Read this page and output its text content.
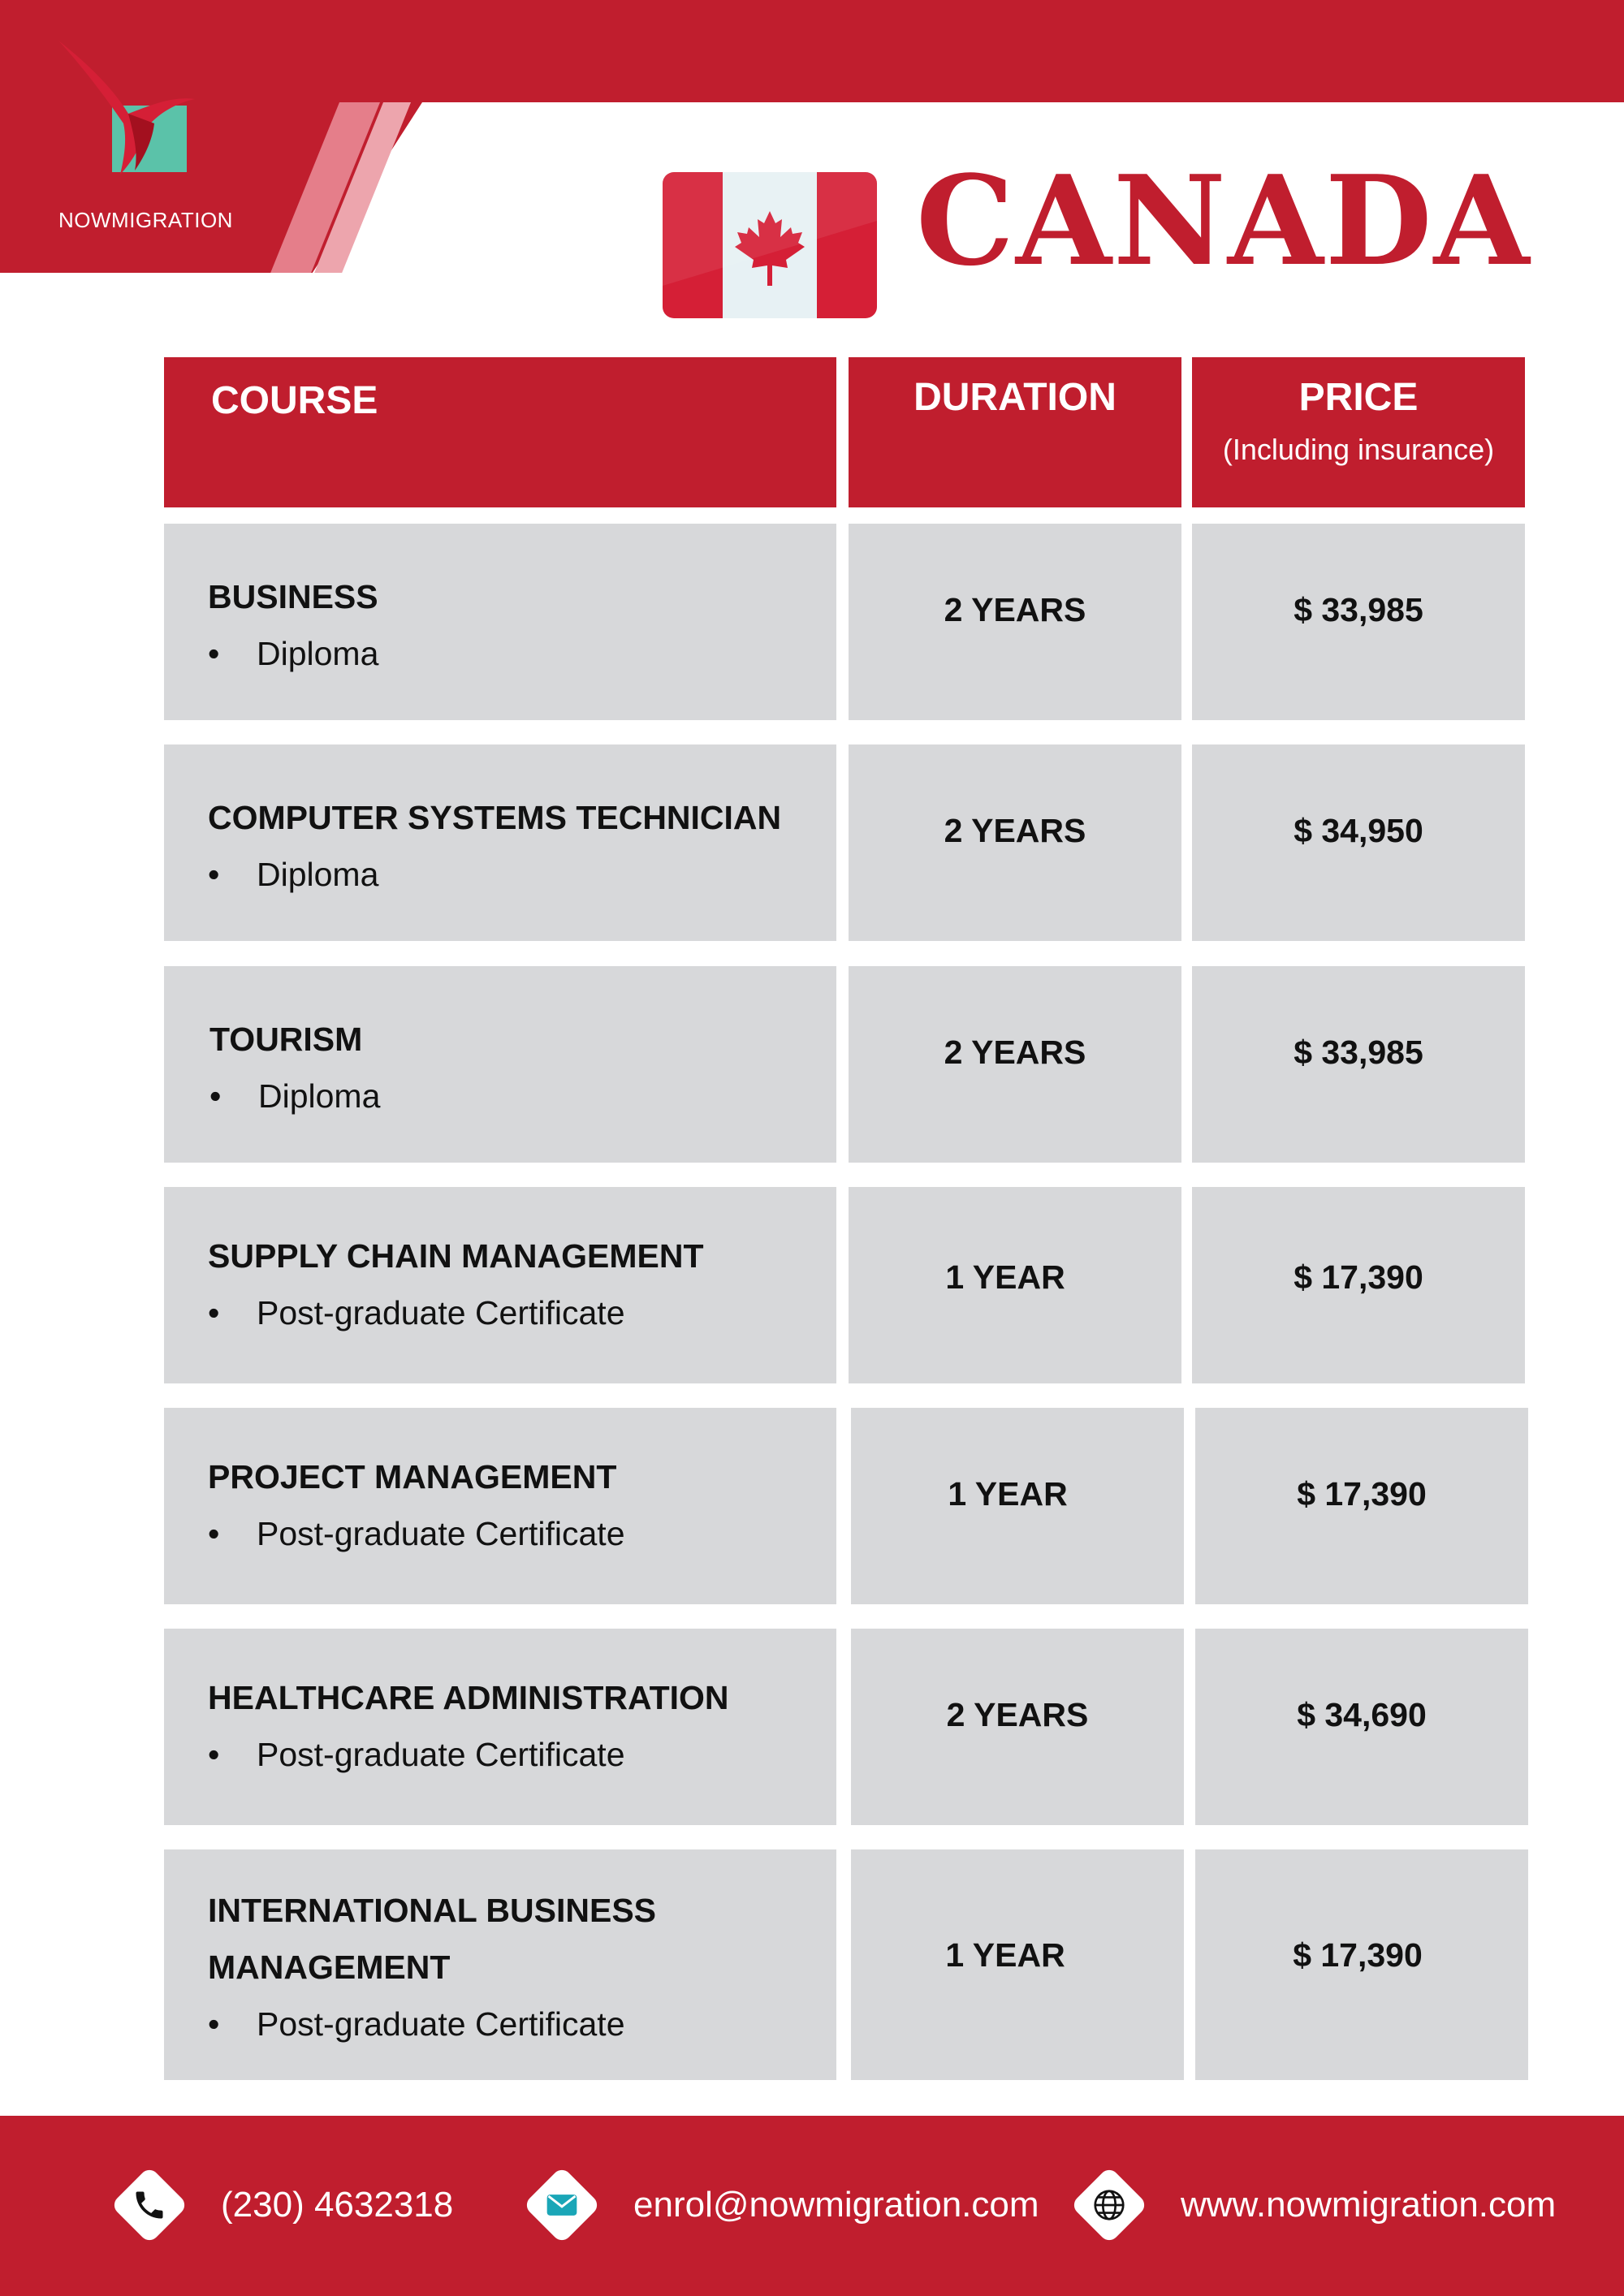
NOWMIGRATION	CANADA
COURSE	DURATION	PRICE
(Including insurance)
BUSINESS
• Diploma
2 YEARS	$ 33,985
COMPUTER SYSTEMS TECHNICIAN
• Diploma
2 YEARS	$ 34,950
TOURISM
• Diploma
2 YEARS	$ 33,985
SUPPLY CHAIN MANAGEMENT
• Post-graduate Certificate
1 YEAR	$ 17,390
PROJECT MANAGEMENT
• Post-graduate Certificate
1 YEAR	$ 17,390
HEALTHCARE ADMINISTRATION
• Post-graduate Certificate
2 YEARS	$ 34,690
INTERNATIONAL BUSINESS MANAGEMENT
• Post-graduate Certificate
1 YEAR	$ 17,390
(230) 4632318	enrol@nowmigration.com	www.nowmigration.com
